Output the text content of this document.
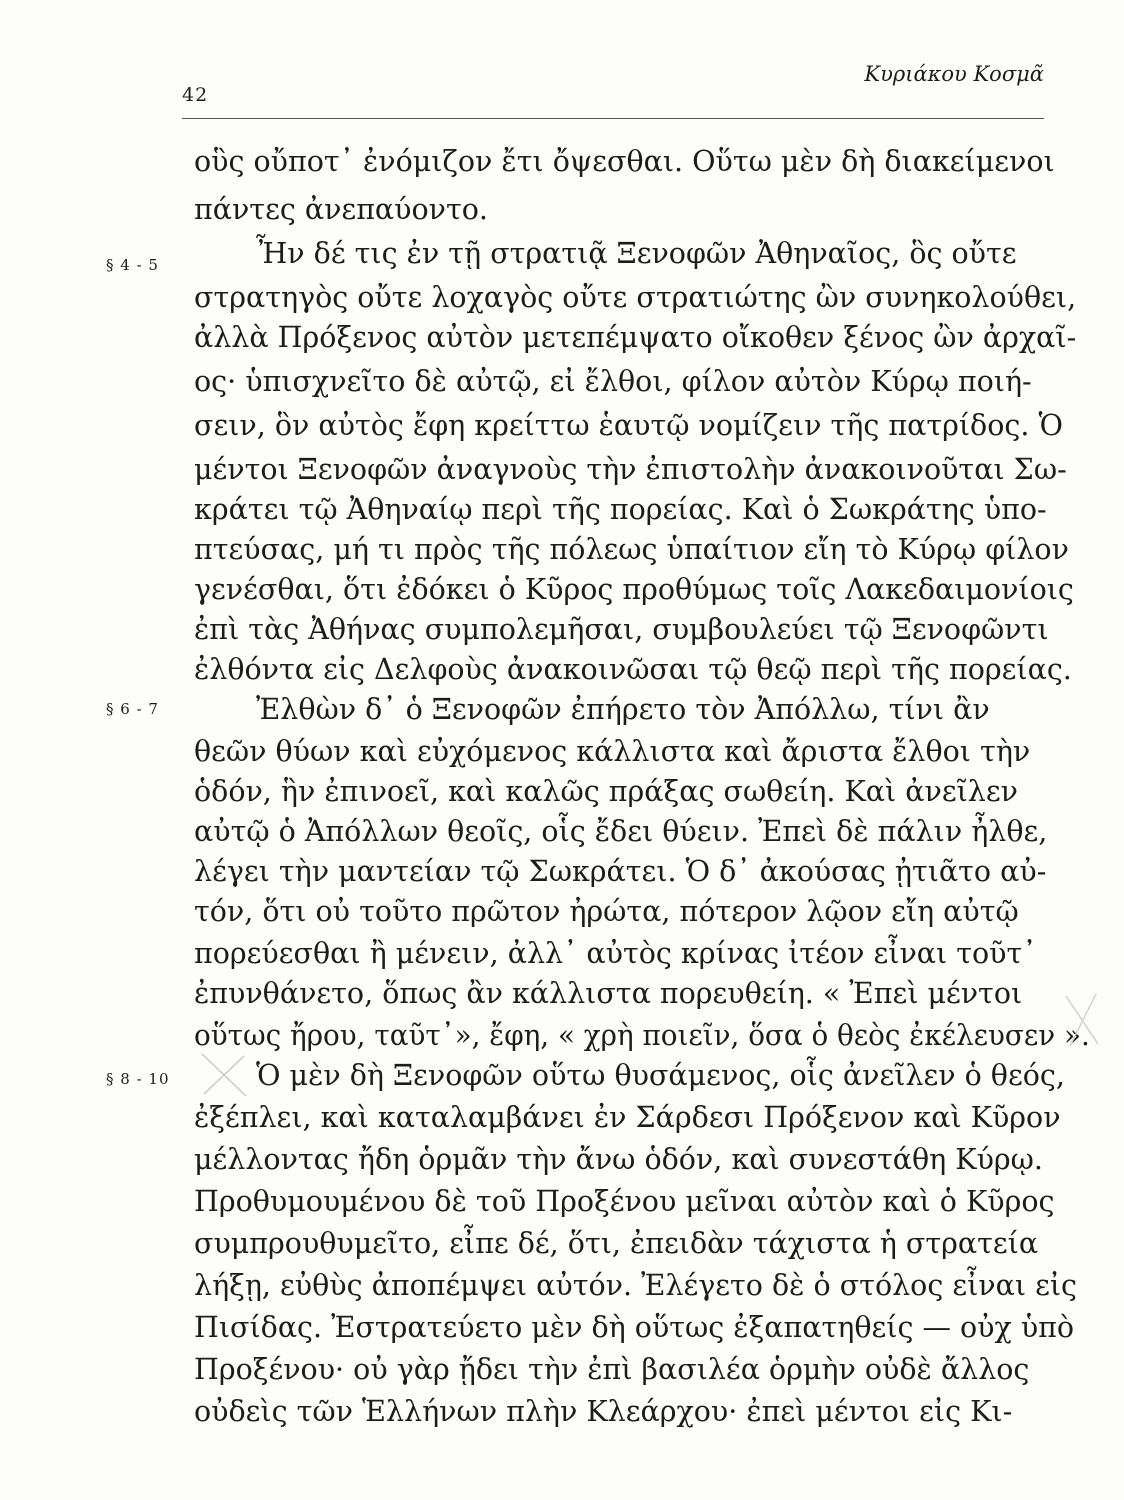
42
Κυριάκου Κοσμᾶ
§ 4 - 5
§ 6 - 7
§ 8 - 10
οὓς οὔποτ᾽ ἐνόμιζον ἔτι ὄψεσθαι. Οὕτω μὲν δὴ διακείμενοι
πάντες ἀνεπαύοντο.
Ἦν δέ τις ἐν τῇ στρατιᾷ Ξενοφῶν Ἀθηναῖος, ὃς οὔτε
στρατηγὸς οὔτε λοχαγὸς οὔτε στρατιώτης ὢν συνηκολούθει,
ἀλλὰ Πρόξενος αὐτὸν μετεπέμψατο οἴκοθεν ξένος ὢν ἀρχαῖ-
ος· ὑπισχνεῖτο δὲ αὐτῷ, εἰ ἔλθοι, φίλον αὐτὸν Κύρῳ ποιή-
σειν, ὃν αὐτὸς ἔφη κρείττω ἑαυτῷ νομίζειν τῆς πατρίδος. Ὁ
μέντοι Ξενοφῶν ἀναγνοὺς τὴν ἐπιστολὴν ἀνακοινοῦται Σω-
κράτει τῷ Ἀθηναίῳ περὶ τῆς πορείας. Καὶ ὁ Σωκράτης ὑπο-
πτεύσας, μή τι πρὸς τῆς πόλεως ὑπαίτιον εἴη τὸ Κύρῳ φίλον
γενέσθαι, ὅτι ἐδόκει ὁ Κῦρος προθύμως τοῖς Λακεδαιμονίοις
ἐπὶ τὰς Ἀθήνας συμπολεμῆσαι, συμβουλεύει τῷ Ξενοφῶντι
ἐλθόντα εἰς Δελφοὺς ἀνακοινῶσαι τῷ θεῷ περὶ τῆς πορείας.
Ἐλθὼν δ᾽ ὁ Ξενοφῶν ἐπήρετο τὸν Ἀπόλλω, τίνι ἂν
θεῶν θύων καὶ εὐχόμενος κάλλιστα καὶ ἄριστα ἔλθοι τὴν
ὁδόν, ἣν ἐπινοεῖ, καὶ καλῶς πράξας σωθείη. Καὶ ἀνεῖλεν
αὐτῷ ὁ Ἀπόλλων θεοῖς, οἷς ἔδει θύειν. Ἐπεὶ δὲ πάλιν ἦλθε,
λέγει τὴν μαντείαν τῷ Σωκράτει. Ὁ δ᾽ ἀκούσας ᾐτιᾶτο αὐ-
τόν, ὅτι οὐ τοῦτο πρῶτον ἠρώτα, πότερον λῷον εἴη αὐτῷ
πορεύεσθαι ἢ μένειν, ἀλλ᾽ αὐτὸς κρίνας ἰτέον εἶναι τοῦτ᾽
ἐπυνθάνετο, ὅπως ἂν κάλλιστα πορευθείη. « Ἐπεὶ μέντοι
οὕτως ἤρου, ταῦτ᾽», ἔφη, « χρὴ ποιεῖν, ὅσα ὁ θεὸς ἐκέλευσεν ».
Ὁ μὲν δὴ Ξενοφῶν οὕτω θυσάμενος, οἷς ἀνεῖλεν ὁ θεός,
ἐξέπλει, καὶ καταλαμβάνει ἐν Σάρδεσι Πρόξενον καὶ Κῦρον
μέλλοντας ἤδη ὁρμᾶν τὴν ἄνω ὁδόν, καὶ συνεστάθη Κύρῳ.
Προθυμουμένου δὲ τοῦ Προξένου μεῖναι αὐτὸν καὶ ὁ Κῦρος
συμπρουθυμεῖτο, εἶπε δέ, ὅτι, ἐπειδὰν τάχιστα ἡ στρατεία
λήξῃ, εὐθὺς ἀποπέμψει αὐτόν. Ἐλέγετο δὲ ὁ στόλος εἶναι εἰς
Πισίδας. Ἐστρατεύετο μὲν δὴ οὕτως ἐξαπατηθείς — οὐχ ὑπὸ
Προξένου· οὐ γὰρ ᾔδει τὴν ἐπὶ βασιλέα ὁρμὴν οὐδὲ ἄλλος
οὐδεὶς τῶν Ἑλλήνων πλὴν Κλεάρχου· ἐπεὶ μέντοι εἰς Κι-
